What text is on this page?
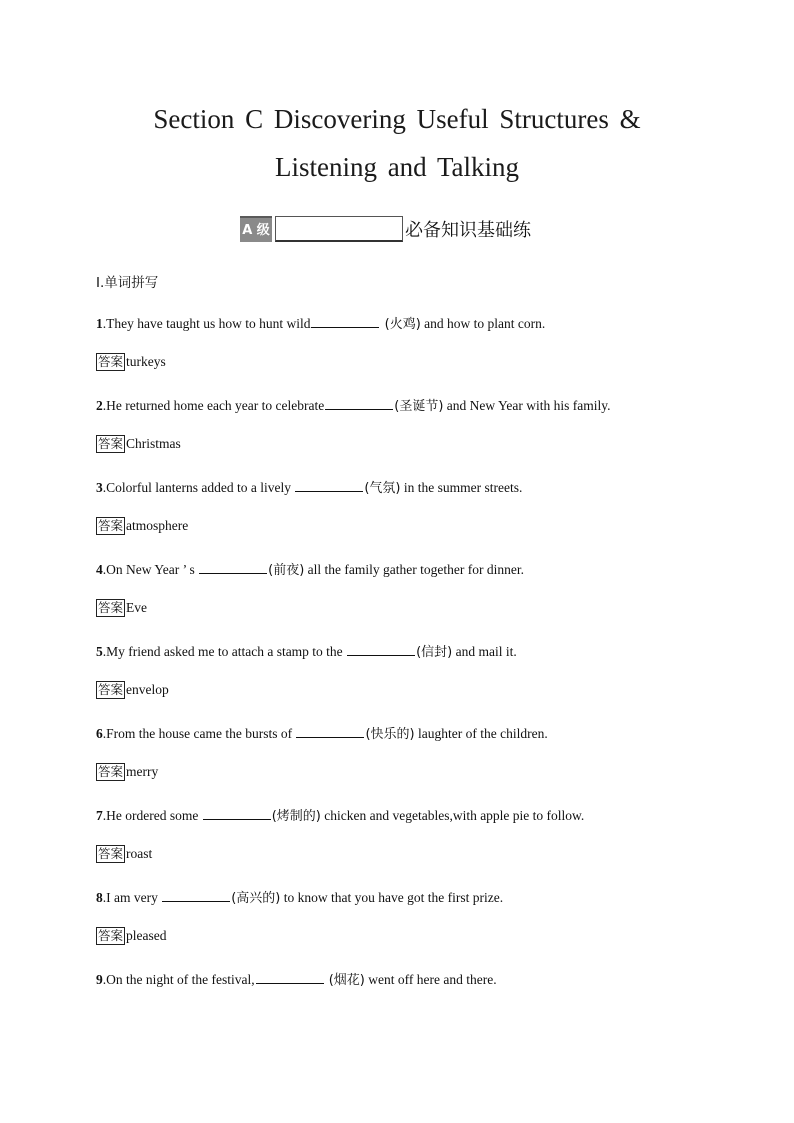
Section C Discovering Useful Structures &
Listening and Talking
A 级	必备知识基础练
Ⅰ.单词拼写
1.They have taught us how to hunt wild	(火鸡) and how to plant corn.
答案 turkeys
2.He returned home each year to celebrate	(圣诞节) and New Year with his family.
答案 Christmas
3.Colorful lanterns added to a lively	(气氛) in the summer streets.
答案 atmosphere
4.On New Year ’ s	(前夜) all the family gather together for dinner.
答案 Eve
5.My friend asked me to attach a stamp to the	(信封) and mail it.
答案 envelop
6.From the house came the bursts of	(快乐的) laughter of the children.
答案 merry
7.He ordered some	(烤制的) chicken and vegetables,with apple pie to follow.
答案 roast
8.I am very	(高兴的) to know that you have got the first prize.
答案 pleased
9.On the night of the festival,	(烟花) went off here and there.
